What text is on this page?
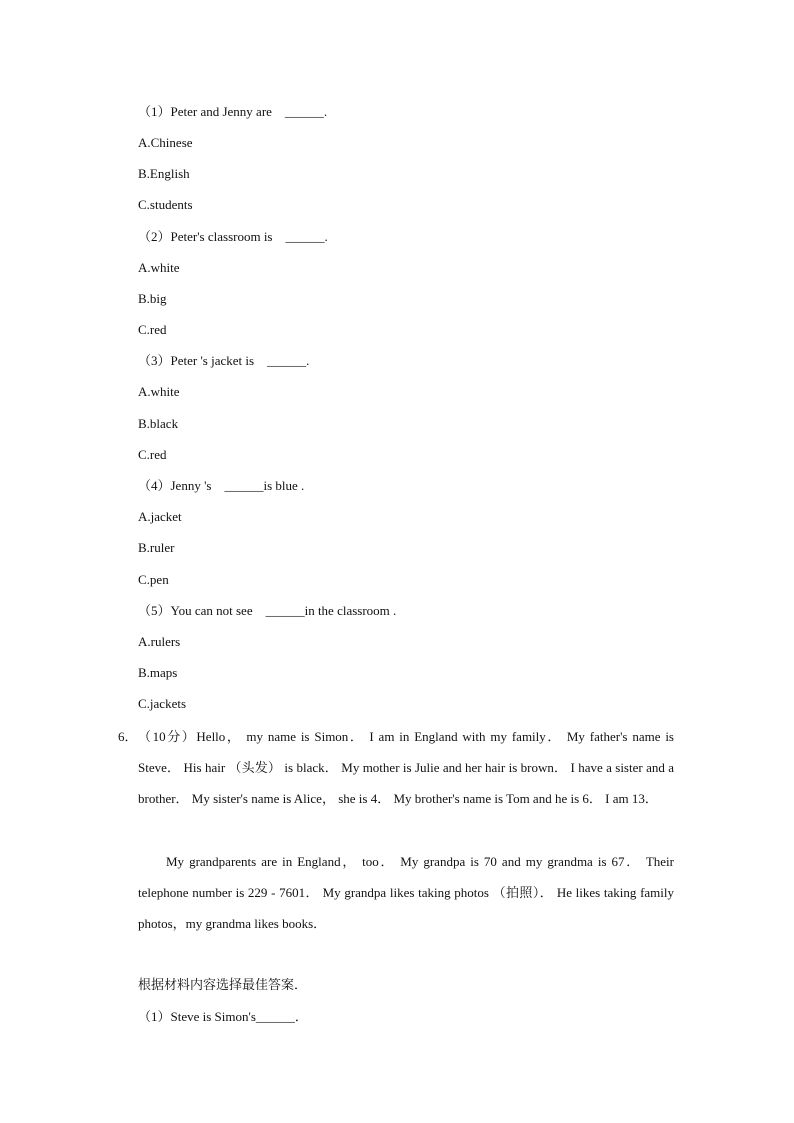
（1）Peter and Jenny are　______.
A.Chinese
B.English
C.students
（2）Peter's classroom is　______.
A.white
B.big
C.red
（3）Peter 's jacket is　______.
A.white
B.black
C.red
（4）Jenny 's　______is blue .
A.jacket
B.ruler
C.pen
（5）You can not see　______in the classroom .
A.rulers
B.maps
C.jackets
6． （10分）Hello， my name is Simon． I am in England with my family． My father's name is Steve． His hair （头发） is black． My mother is Julie and her hair is brown． I have a sister and a brother． My sister's name is Alice， she is 4． My brother's name is Tom and he is 6． I am 13．
My grandparents are in England， too． My grandpa is 70 and my grandma is 67． Their telephone number is 229 - 7601． My grandpa likes taking photos （拍照）． He likes taking family photos，my grandma likes books．
根据材料内容选择最佳答案．
（1）Steve is Simon's______．
